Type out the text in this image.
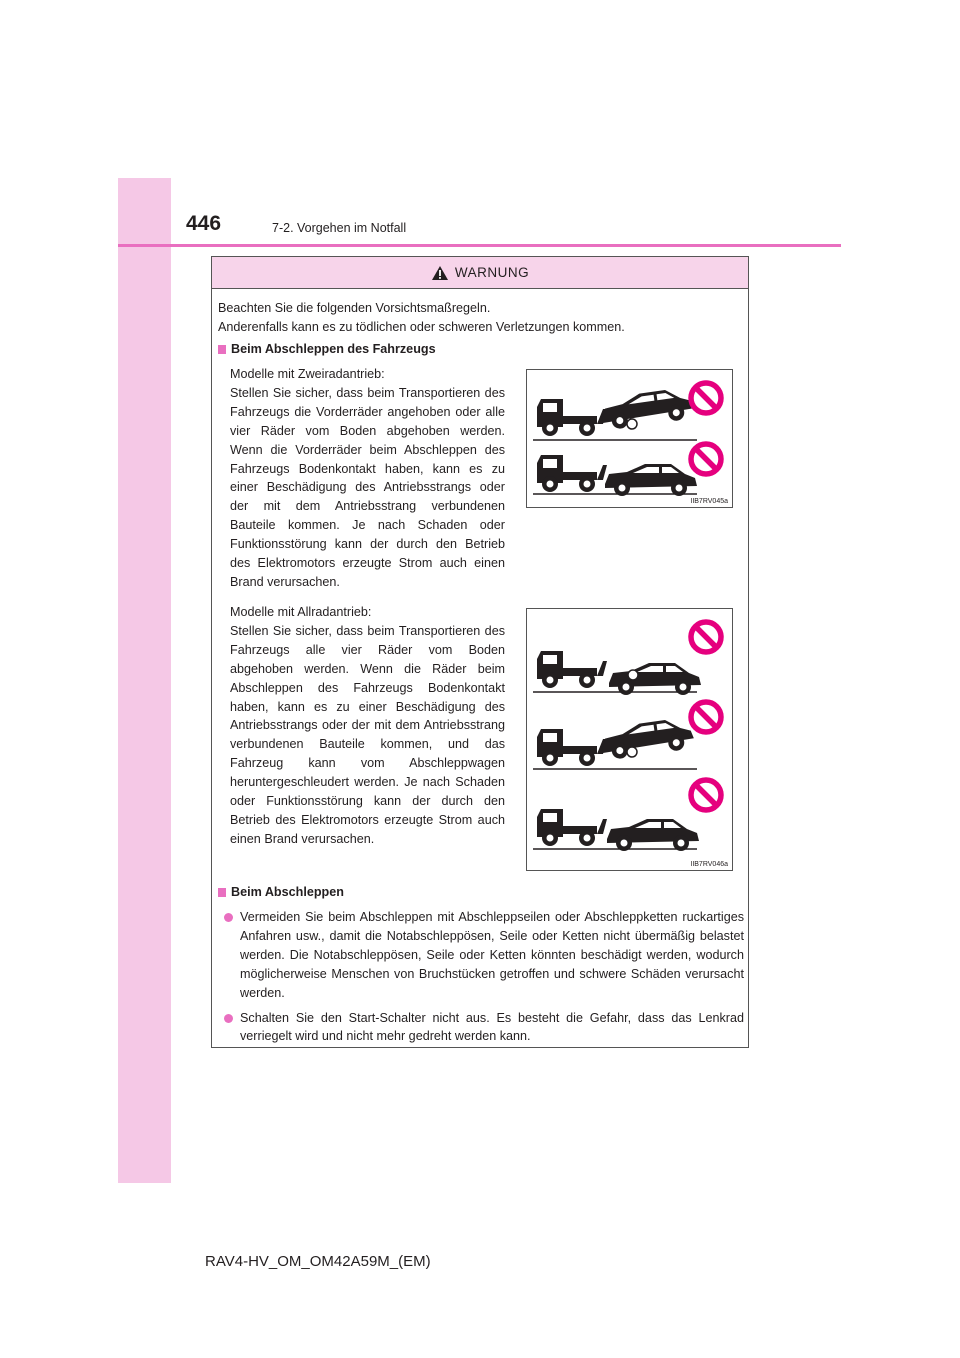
446	7-2. Vorgehen im Notfall
WARNUNG
Beachten Sie die folgenden Vorsichtsmaßregeln.
Anderenfalls kann es zu tödlichen oder schweren Verletzungen kommen.
Beim Abschleppen des Fahrzeugs
Modelle mit Zweiradantrieb:
Stellen Sie sicher, dass beim Transportieren des Fahrzeugs die Vorderräder angehoben oder alle vier Räder vom Boden abgehoben werden. Wenn die Vorderräder beim Abschleppen des Fahrzeugs Bodenkontakt haben, kann es zu einer Beschädigung des Antriebsstrangs oder der mit dem Antriebsstrang verbundenen Bauteile kommen. Je nach Schaden oder Funktionsstörung kann der durch den Betrieb des Elektromotors erzeugte Strom auch einen Brand verursachen.
IIB7RV045a
Modelle mit Allradantrieb:
Stellen Sie sicher, dass beim Transportieren des Fahrzeugs alle vier Räder vom Boden abgehoben werden. Wenn die Räder beim Abschleppen des Fahrzeugs Bodenkontakt haben, kann es zu einer Beschädigung des Antriebsstrangs oder der mit dem Antriebsstrang verbundenen Bauteile kommen, und das Fahrzeug kann vom Abschleppwagen heruntergeschleudert werden. Je nach Schaden oder Funktionsstörung kann der durch den Betrieb des Elektromotors erzeugte Strom auch einen Brand verursachen.
IIB7RV046a
Beim Abschleppen
Vermeiden Sie beim Abschleppen mit Abschleppseilen oder Abschleppketten ruckartiges Anfahren usw., damit die Notabschleppösen, Seile oder Ketten nicht übermäßig belastet werden. Die Notabschleppösen, Seile oder Ketten könnten beschädigt werden, wodurch möglicherweise Menschen von Bruchstücken getroffen und schwere Schäden verursacht werden.
Schalten Sie den Start-Schalter nicht aus. Es besteht die Gefahr, dass das Lenkrad verriegelt wird und nicht mehr gedreht werden kann.
RAV4-HV_OM_OM42A59M_(EM)
